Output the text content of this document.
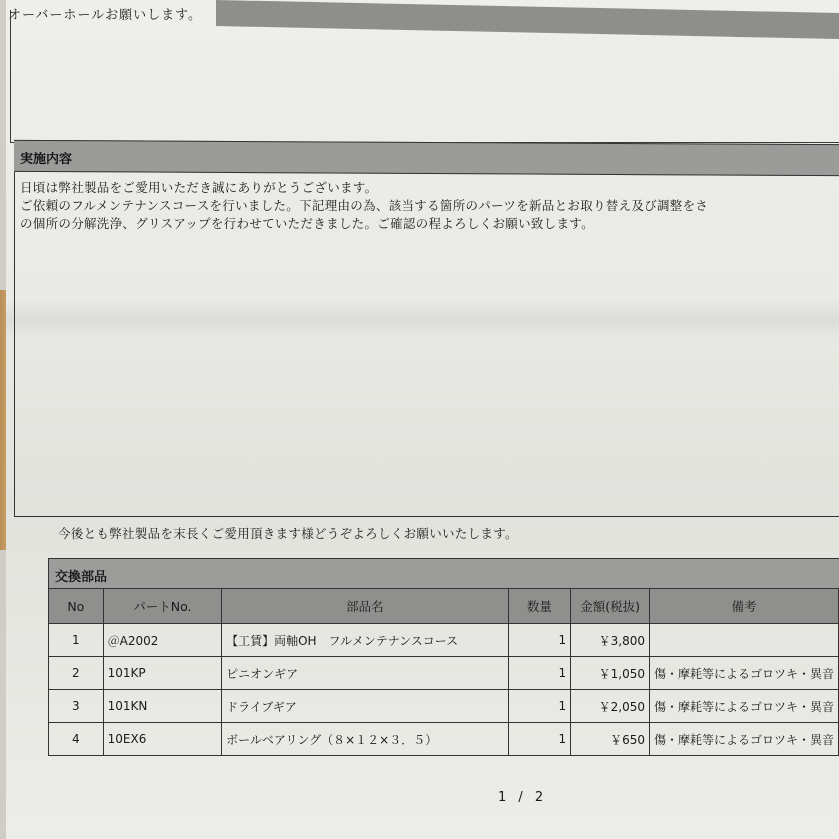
オーバーホールお願いします。
実施内容
日頃は弊社製品をご愛用いただき誠にありがとうございます。
ご依頼のフルメンテナンスコースを行いました。下記理由の為、該当する箇所のパーツを新品とお取り替え及び調整をさ
の個所の分解洗浄、グリスアップを行わせていただきました。ご確認の程よろしくお願い致します。
今後とも弊社製品を末長くご愛用頂きます様どうぞよろしくお願いいたします。
交換部品
No	パートNo.	部品名	数量	金額(税抜)	備考
1	＠A2002	【工賃】両軸OH　フルメンテナンスコース	1	￥3,800	
2	101KP	ピニオンギア	1	￥1,050	傷・摩耗等によるゴロツキ・異音
3	101KN	ドライブギア	1	￥2,050	傷・摩耗等によるゴロツキ・異音
4	10EX6	ボールベアリング（８×１２×３．５）	1	￥650	傷・摩耗等によるゴロツキ・異音
1 / 2
